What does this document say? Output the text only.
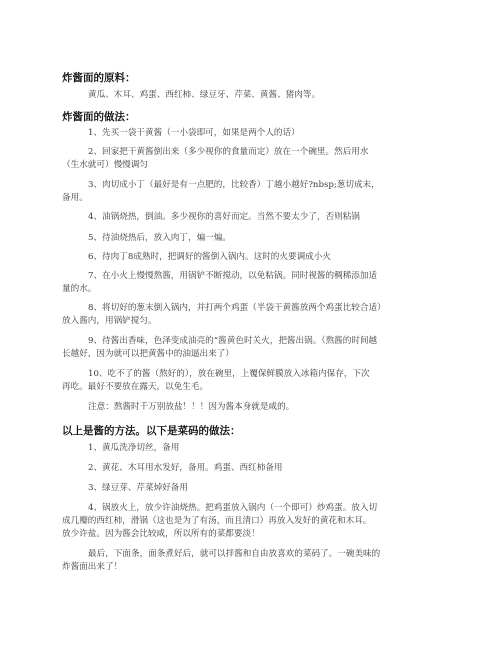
炸酱面的原料：
黄瓜、木耳、鸡蛋、西红柿、绿豆牙、芹菜、黄酱、猪肉等。
炸酱面的做法：
1、先买一袋干黄酱（一小袋即可，如果是两个人的话）
2、回家把干黄酱倒出来（多少视你的食量而定）放在一个碗里。然后用水
（生水就可）慢慢调匀
3、肉切成小丁（最好是有一点肥的，比较香）丁越小越好?nbsp;葱切成末，
备用。
4、油锅烧热，倒油。多少视你的喜好而定。当然不要太少了，否则粘锅
5、待油烧热后，放入肉丁，煸一煸。
6、待肉丁8成熟时，把调好的酱倒入锅内。这时的火要调成小火
7、在小火上慢慢熬酱，用锅铲不断搅动，以免粘锅。同时视酱的稠稀添加适
量的水。
8、将切好的葱末倒入锅内，并打两个鸡蛋（半袋干黄酱放两个鸡蛋比较合适）
放入酱内，用锅铲搅匀。
9、待酱出香味，色泽变成油亮的“酱黄色时关火，把酱出锅。（熬酱的时间越
长越好，因为就可以把黄酱中的油逼出来了）
10、吃不了的酱（熬好的），放在碗里，上覆保鲜膜放入冰箱内保存，下次
再吃。最好不要放在露天，以免生毛。
注意：熬酱时千万别放盐！！！因为酱本身就是咸的。
以上是酱的方法。以下是菜码的做法：
1、黄瓜洗净切丝，备用
2、黄花、木耳用水发好，备用。鸡蛋、西红柿备用
3、绿豆芽、芹菜焯好备用
4、锅放火上，放少许油烧热。把鸡蛋放入锅内（一个即可）炒鸡蛋。放入切
成几瓣的西红柿，滑锅（这也是为了有汤，而且清口）再放入发好的黄花和木耳。
放少许盐。因为酱会比较咸，所以所有的菜都要淡！
最后，下面条，面条煮好后，就可以拌酱和自由放喜欢的菜码了。一碗美味的
炸酱面出来了！
